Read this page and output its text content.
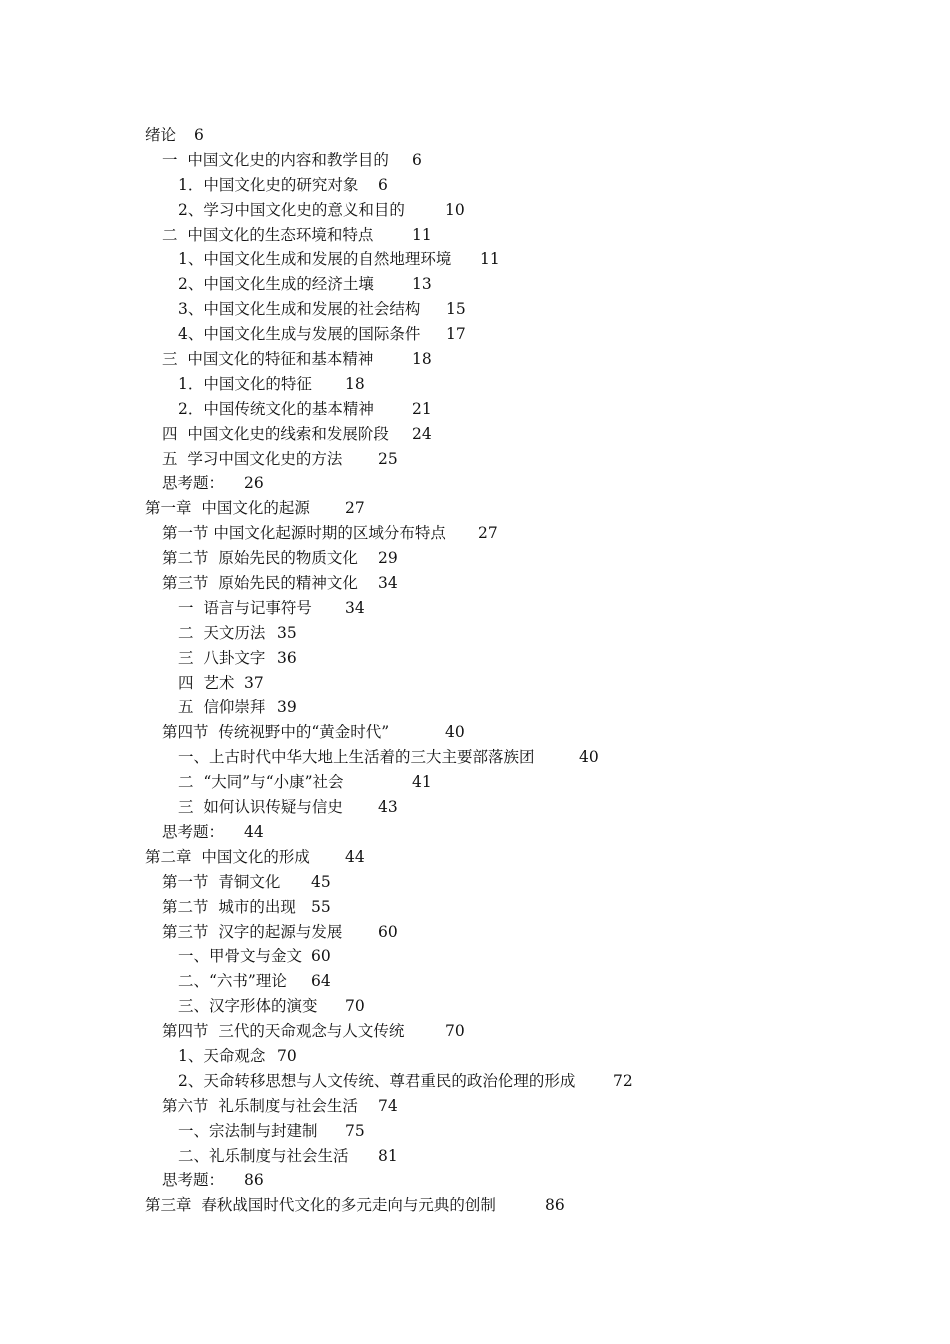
绪论 6
一  中国文化史的内容和教学目的 6
1．中国文化史的研究对象 6
2、学习中国文化史的意义和目的	10
二  中国文化的生态环境和特点 11
1、中国文化生成和发展的自然地理环境 11
2、中国文化生成的经济土壤 13
3、中国文化生成和发展的社会结构 15
4、中国文化生成与发展的国际条件 17
三  中国文化的特征和基本精神 18
1．中国文化的特征 18
2．中国传统文化的基本精神 21
四  中国文化史的线索和发展阶段 24
五  学习中国文化史的方法 25
思考题： 26
第一章  中国文化的起源 27
第一节 中国文化起源时期的区域分布特点 27
第二节  原始先民的物质文化 29
第三节  原始先民的精神文化 34
一  语言与记事符号 34
二  天文历法 35
三  八卦文字 36
四  艺术 37
五  信仰崇拜 39
第四节  传统视野中的“黄金时代”	40
一、上古时代中华大地上生活着的三大主要部落族团	40
二  “大同”与“小康”社会	41
三  如何认识传疑与信史 43
思考题： 44
第二章  中国文化的形成 44
第一节  青铜文化 45
第二节  城市的出现 55
第三节  汉字的起源与发展 60
一、甲骨文与金文 60
二、“六书”理论 64
三、汉字形体的演变 70
第四节  三代的天命观念与人文传统	70
1、天命观念 70
2、天命转移思想与人文传统、尊君重民的政治伦理的形成 72
第六节  礼乐制度与社会生活 74
一、宗法制与封建制 75
二、礼乐制度与社会生活 81
思考题： 86
第三章  春秋战国时代文化的多元走向与元典的创制	86
